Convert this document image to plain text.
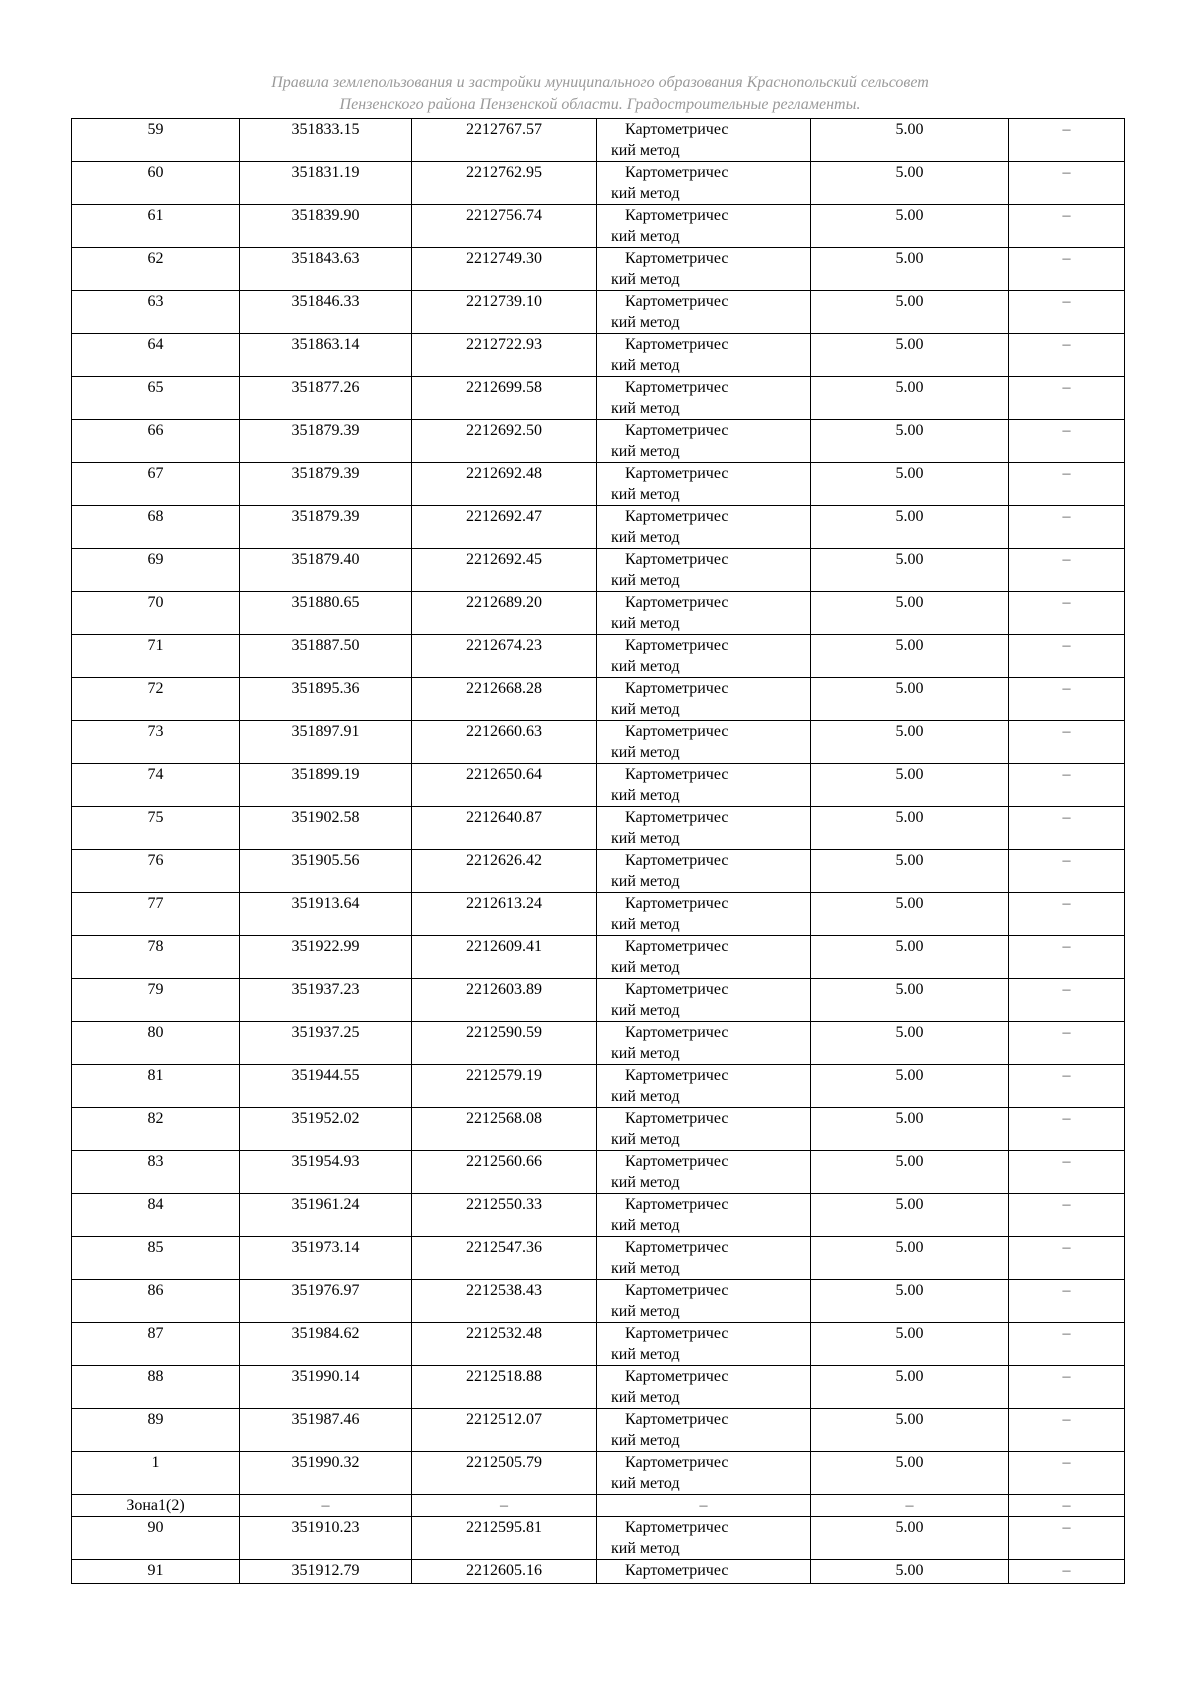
Правила землепользования и застройки муниципального образования Краснопольский сельсовет
Пензенского района Пензенской области. Градостроительные регламенты.
59	351833.15	2212767.57	Картометричес
кий метод	5.00	–
60	351831.19	2212762.95	Картометричес
кий метод	5.00	–
61	351839.90	2212756.74	Картометричес
кий метод	5.00	–
62	351843.63	2212749.30	Картометричес
кий метод	5.00	–
63	351846.33	2212739.10	Картометричес
кий метод	5.00	–
64	351863.14	2212722.93	Картометричес
кий метод	5.00	–
65	351877.26	2212699.58	Картометричес
кий метод	5.00	–
66	351879.39	2212692.50	Картометричес
кий метод	5.00	–
67	351879.39	2212692.48	Картометричес
кий метод	5.00	–
68	351879.39	2212692.47	Картометричес
кий метод	5.00	–
69	351879.40	2212692.45	Картометричес
кий метод	5.00	–
70	351880.65	2212689.20	Картометричес
кий метод	5.00	–
71	351887.50	2212674.23	Картометричес
кий метод	5.00	–
72	351895.36	2212668.28	Картометричес
кий метод	5.00	–
73	351897.91	2212660.63	Картометричес
кий метод	5.00	–
74	351899.19	2212650.64	Картометричес
кий метод	5.00	–
75	351902.58	2212640.87	Картометричес
кий метод	5.00	–
76	351905.56	2212626.42	Картометричес
кий метод	5.00	–
77	351913.64	2212613.24	Картометричес
кий метод	5.00	–
78	351922.99	2212609.41	Картометричес
кий метод	5.00	–
79	351937.23	2212603.89	Картометричес
кий метод	5.00	–
80	351937.25	2212590.59	Картометричес
кий метод	5.00	–
81	351944.55	2212579.19	Картометричес
кий метод	5.00	–
82	351952.02	2212568.08	Картометричес
кий метод	5.00	–
83	351954.93	2212560.66	Картометричес
кий метод	5.00	–
84	351961.24	2212550.33	Картометричес
кий метод	5.00	–
85	351973.14	2212547.36	Картометричес
кий метод	5.00	–
86	351976.97	2212538.43	Картометричес
кий метод	5.00	–
87	351984.62	2212532.48	Картометричес
кий метод	5.00	–
88	351990.14	2212518.88	Картометричес
кий метод	5.00	–
89	351987.46	2212512.07	Картометричес
кий метод	5.00	–
1	351990.32	2212505.79	Картометричес
кий метод	5.00	–
Зона1(2)	–	–	–	–	–
90	351910.23	2212595.81	Картометричес
кий метод	5.00	–
91	351912.79	2212605.16	Картометричес	5.00	–
